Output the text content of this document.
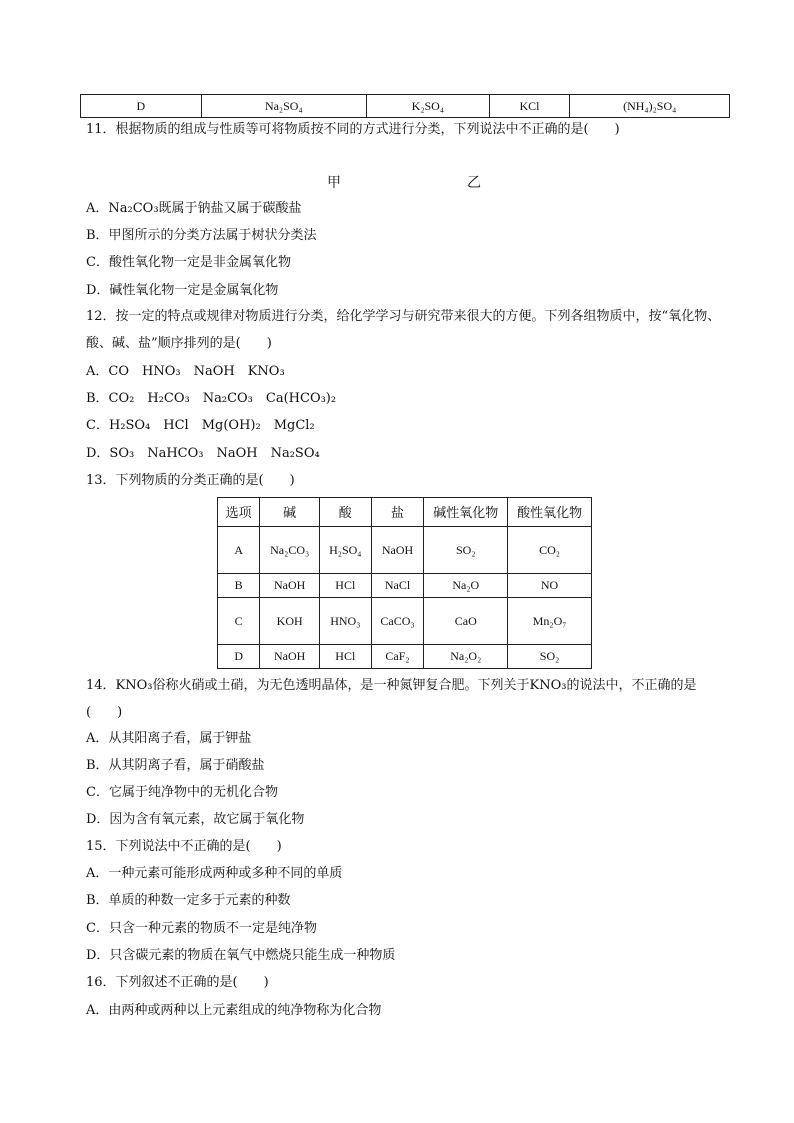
D	Na₂SO₄	K₂SO₄	KCl	(NH₄)₂SO₄
11．根据物质的组成与性质等可将物质按不同的方式进行分类，下列说法中不正确的是(　　)
甲	乙
A．Na₂CO₃既属于钠盐又属于碳酸盐
B．甲图所示的分类方法属于树状分类法
C．酸性氧化物一定是非金属氧化物
D．碱性氧化物一定是金属氧化物
12．按一定的特点或规律对物质进行分类，给化学学习与研究带来很大的方便。下列各组物质中，按“氧化物、酸、碱、盐”顺序排列的是(　　)
A．CO　HNO₃　NaOH　KNO₃
B．CO₂　H₂CO₃　Na₂CO₃　Ca(HCO₃)₂
C．H₂SO₄　HCl　Mg(OH)₂　MgCl₂
D．SO₃　NaHCO₃　NaOH　Na₂SO₄
13．下列物质的分类正确的是(　　)
选项	碱	酸	盐	碱性氧化物	酸性氧化物
A	Na₂CO₃	H₂SO₄	NaOH	SO₂	CO₂
B	NaOH	HCl	NaCl	Na₂O	NO
C	KOH	HNO₃	CaCO₃	CaO	Mn₂O₇
D	NaOH	HCl	CaF₂	Na₂O₂	SO₂
14．KNO₃俗称火硝或土硝，为无色透明晶体，是一种氮钾复合肥。下列关于KNO₃的说法中，不正确的是(　　)
A．从其阳离子看，属于钾盐
B．从其阴离子看，属于硝酸盐
C．它属于纯净物中的无机化合物
D．因为含有氧元素，故它属于氧化物
15．下列说法中不正确的是(　　)
A．一种元素可能形成两种或多种不同的单质
B．单质的种数一定多于元素的种数
C．只含一种元素的物质不一定是纯净物
D．只含碳元素的物质在氧气中燃烧只能生成一种物质
16．下列叙述不正确的是(　　)
A．由两种或两种以上元素组成的纯净物称为化合物
